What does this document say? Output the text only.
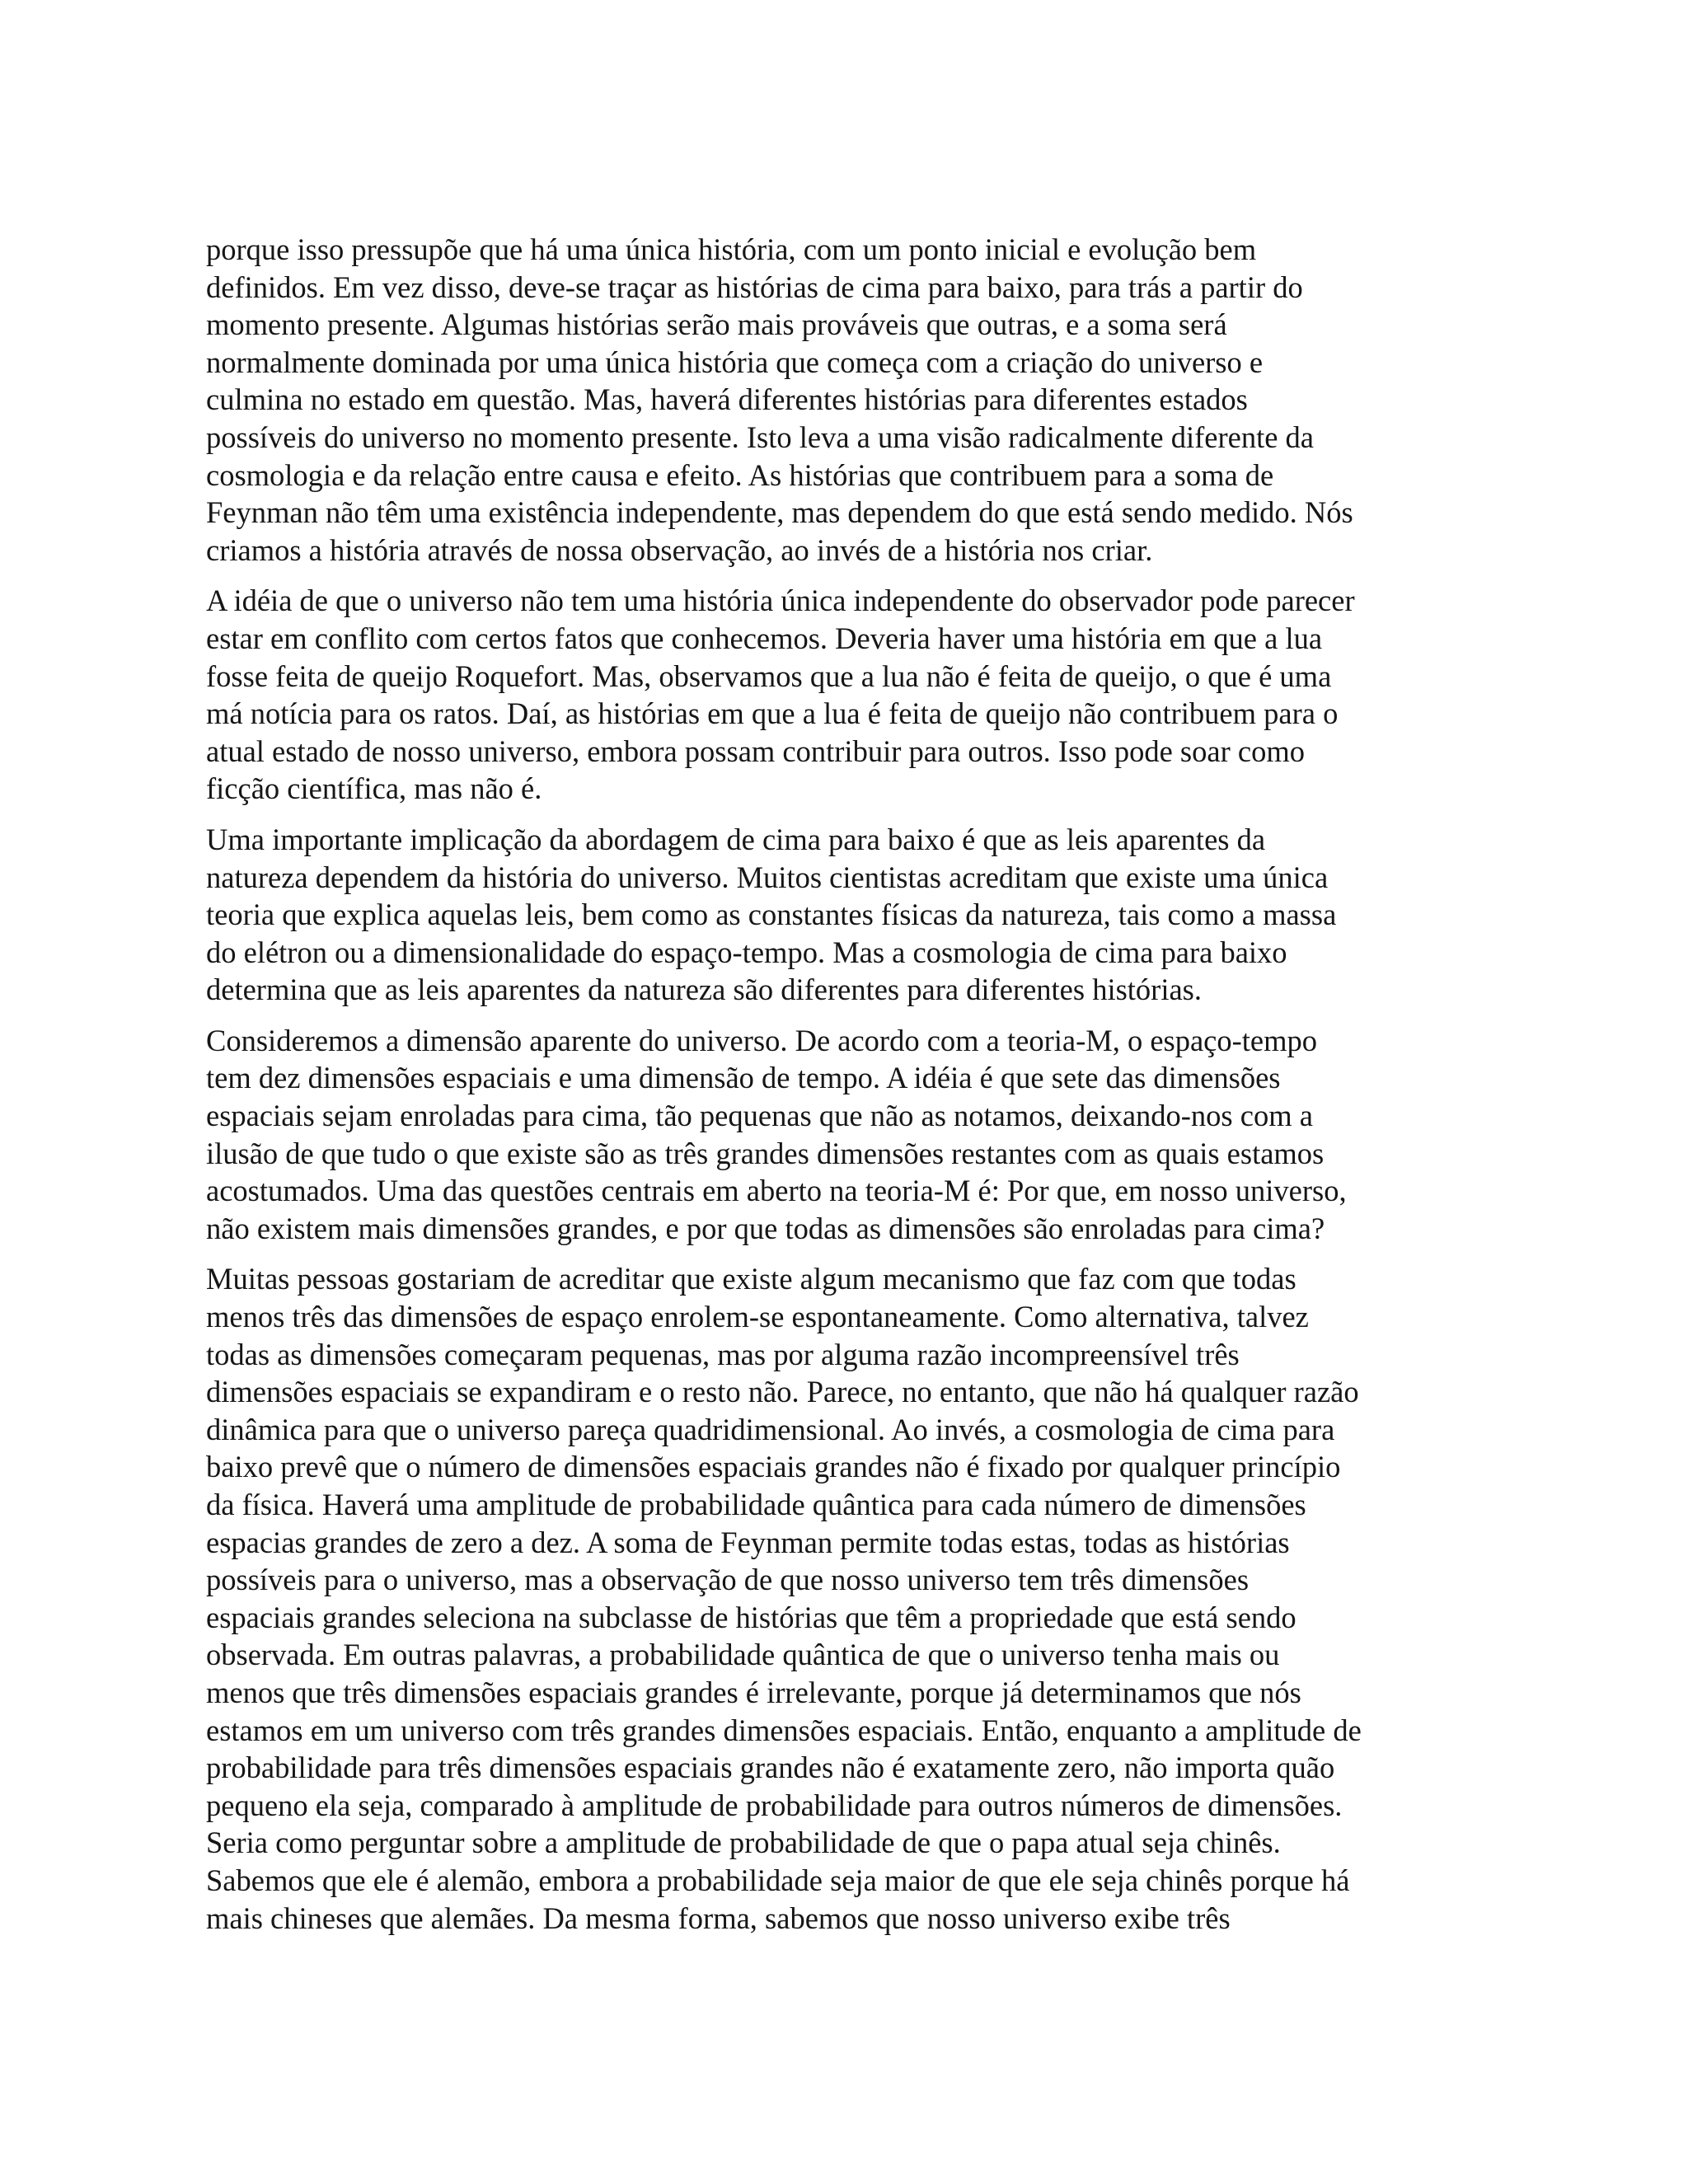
porque isso pressupõe que há uma única história, com um ponto inicial e evolução bem
definidos. Em vez disso, deve-se traçar as histórias de cima para baixo, para trás a partir do
momento presente. Algumas histórias serão mais prováveis que outras, e a soma será
normalmente dominada por uma única história que começa com a criação do universo e
culmina no estado em questão. Mas, haverá diferentes histórias para diferentes estados
possíveis do universo no momento presente. Isto leva a uma visão radicalmente diferente da
cosmologia e da relação entre causa e efeito. As histórias que contribuem para a soma de
Feynman não têm uma existência independente, mas dependem do que está sendo medido. Nós
criamos a história através de nossa observação, ao invés de a história nos criar.

A idéia de que o universo não tem uma história única independente do observador pode parecer
estar em conflito com certos fatos que conhecemos. Deveria haver uma história em que a lua
fosse feita de queijo Roquefort. Mas, observamos que a lua não é feita de queijo, o que é uma
má notícia para os ratos. Daí, as histórias em que a lua é feita de queijo não contribuem para o
atual estado de nosso universo, embora possam contribuir para outros. Isso pode soar como
ficção científica, mas não é.

Uma importante implicação da abordagem de cima para baixo é que as leis aparentes da
natureza dependem da história do universo. Muitos cientistas acreditam que existe uma única
teoria que explica aquelas leis, bem como as constantes físicas da natureza, tais como a massa
do elétron ou a dimensionalidade do espaço-tempo. Mas a cosmologia de cima para baixo
determina que as leis aparentes da natureza são diferentes para diferentes histórias.

Consideremos a dimensão aparente do universo. De acordo com a teoria-M, o espaço-tempo
tem dez dimensões espaciais e uma dimensão de tempo. A idéia é que sete das dimensões
espaciais sejam enroladas para cima, tão pequenas que não as notamos, deixando-nos com a
ilusão de que tudo o que existe são as três grandes dimensões restantes com as quais estamos
acostumados. Uma das questões centrais em aberto na teoria-M é: Por que, em nosso universo,
não existem mais dimensões grandes, e por que todas as dimensões são enroladas para cima?

Muitas pessoas gostariam de acreditar que existe algum mecanismo que faz com que todas
menos três das dimensões de espaço enrolem-se espontaneamente. Como alternativa, talvez
todas as dimensões começaram pequenas, mas por alguma razão incompreensível três
dimensões espaciais se expandiram e o resto não. Parece, no entanto, que não há qualquer razão
dinâmica para que o universo pareça quadridimensional. Ao invés, a cosmologia de cima para
baixo prevê que o número de dimensões espaciais grandes não é fixado por qualquer princípio
da física. Haverá uma amplitude de probabilidade quântica para cada número de dimensões
espacias grandes de zero a dez. A soma de Feynman permite todas estas, todas as histórias
possíveis para o universo, mas a observação de que nosso universo tem três dimensões
espaciais grandes seleciona na subclasse de histórias que têm a propriedade que está sendo
observada. Em outras palavras, a probabilidade quântica de que o universo tenha mais ou
menos que três dimensões espaciais grandes é irrelevante, porque já determinamos que nós
estamos em um universo com três grandes dimensões espaciais. Então, enquanto a amplitude de
probabilidade para três dimensões espaciais grandes não é exatamente zero, não importa quão
pequeno ela seja, comparado à amplitude de probabilidade para outros números de dimensões.
Seria como perguntar sobre a amplitude de probabilidade de que o papa atual seja chinês.
Sabemos que ele é alemão, embora a probabilidade seja maior de que ele seja chinês porque há
mais chineses que alemães. Da mesma forma, sabemos que nosso universo exibe três
